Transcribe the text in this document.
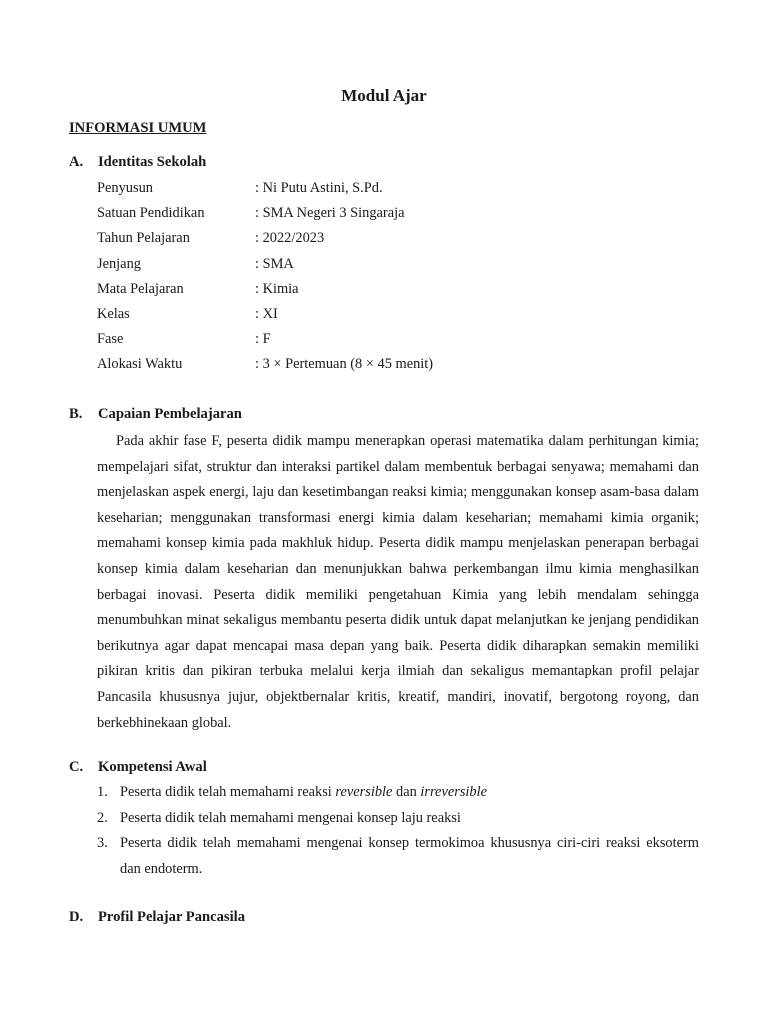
Modul Ajar
INFORMASI UMUM
A. Identitas Sekolah
Penyusun	: Ni Putu Astini, S.Pd.
Satuan Pendidikan	: SMA Negeri 3 Singaraja
Tahun Pelajaran	: 2022/2023
Jenjang	: SMA
Mata Pelajaran	: Kimia
Kelas	: XI
Fase	: F
Alokasi Waktu	: 3 × Pertemuan (8 × 45 menit)
B. Capaian Pembelajaran

Pada akhir fase F, peserta didik mampu menerapkan operasi matematika dalam perhitungan kimia; mempelajari sifat, struktur dan interaksi partikel dalam membentuk berbagai senyawa; memahami dan menjelaskan aspek energi, laju dan kesetimbangan reaksi kimia; menggunakan konsep asam-basa dalam keseharian; menggunakan transformasi energi kimia dalam keseharian; memahami kimia organik; memahami konsep kimia pada makhluk hidup. Peserta didik mampu menjelaskan penerapan berbagai konsep kimia dalam keseharian dan menunjukkan bahwa perkembangan ilmu kimia menghasilkan berbagai inovasi. Peserta didik memiliki pengetahuan Kimia yang lebih mendalam sehingga menumbuhkan minat sekaligus membantu peserta didik untuk dapat melanjutkan ke jenjang pendidikan berikutnya agar dapat mencapai masa depan yang baik. Peserta didik diharapkan semakin memiliki pikiran kritis dan pikiran terbuka melalui kerja ilmiah dan sekaligus memantapkan profil pelajar Pancasila khususnya jujur, objektbernalar kritis, kreatif, mandiri, inovatif, bergotong royong, dan berkebhinekaan global.

C. Kompetensi Awal
1. Peserta didik telah memahami reaksi reversible dan irreversible
2. Peserta didik telah memahami mengenai konsep laju reaksi
3. Peserta didik telah memahami mengenai konsep termokimoa khususnya ciri-ciri reaksi eksoterm dan endoterm.
D. Profil Pelajar Pancasila
